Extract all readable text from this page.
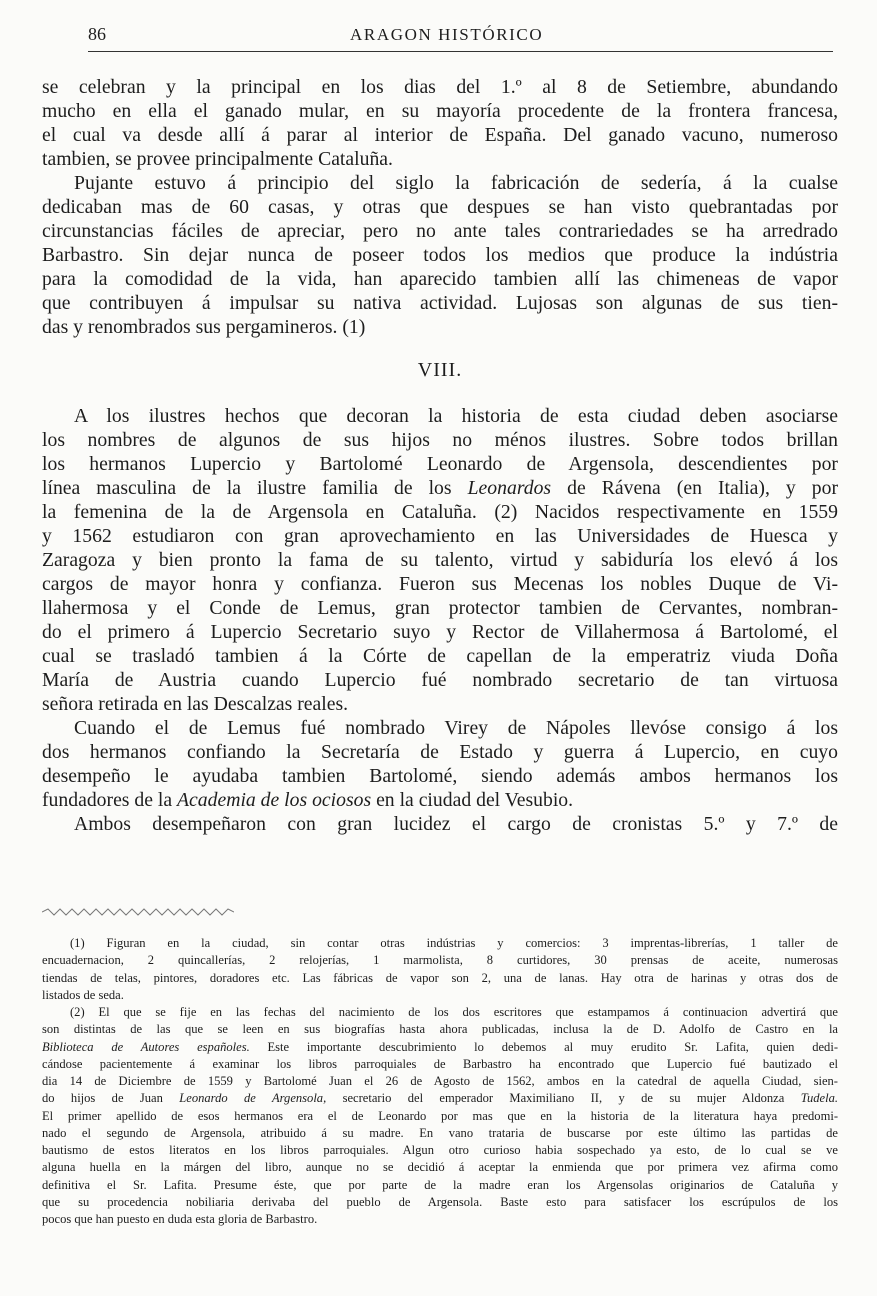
86	ARAGON HISTÓRICO

se celebran y la principal en los dias del 1.º al 8 de Setiembre, abundando

mucho en ella el ganado mular, en su mayoría procedente de la frontera francesa,

el cual va desde allí á parar al interior de España. Del ganado vacuno, numeroso

tambien, se provee principalmente Cataluña.

Pujante estuvo á principio del siglo la fabricación de sedería, á la cualse

dedicaban mas de 60 casas, y otras que despues se han visto quebrantadas por

circunstancias fáciles de apreciar, pero no ante tales contrariedades se ha arredrado

Barbastro. Sin dejar nunca de poseer todos los medios que produce la indústria

para la comodidad de la vida, han aparecido tambien allí las chimeneas de vapor

que contribuyen á impulsar su nativa actividad. Lujosas son algunas de sus tien-

das y renombrados sus pergamineros. (1)

VIII.

A los ilustres hechos que decoran la historia de esta ciudad deben asociarse

los nombres de algunos de sus hijos no ménos ilustres. Sobre todos brillan

los hermanos Lupercio y Bartolomé Leonardo de Argensola, descendientes por

línea masculina de la ilustre familia de los Leonardos de Rávena (en Italia), y por

la femenina de la de Argensola en Cataluña. (2) Nacidos respectivamente en 1559

y 1562 estudiaron con gran aprovechamiento en las Universidades de Huesca y

Zaragoza y bien pronto la fama de su talento, virtud y sabiduría los elevó á los

cargos de mayor honra y confianza. Fueron sus Mecenas los nobles Duque de Vi-

llahermosa y el Conde de Lemus, gran protector tambien de Cervantes, nombran-

do el primero á Lupercio Secretario suyo y Rector de Villahermosa á Bartolomé, el

cual se trasladó tambien á la Córte de capellan de la emperatriz viuda Doña

María de Austria cuando Lupercio fué nombrado secretario de tan virtuosa

señora retirada en las Descalzas reales.

Cuando el de Lemus fué nombrado Virey de Nápoles llevóse consigo á los

dos hermanos confiando la Secretaría de Estado y guerra á Lupercio, en cuyo

desempeño le ayudaba tambien Bartolomé, siendo además ambos hermanos los

fundadores de la Academia de los ociosos en la ciudad del Vesubio.

Ambos desempeñaron con gran lucidez el cargo de cronistas 5.º y 7.º de

(1) Figuran en la ciudad, sin contar otras indústrias y comercios: 3 imprentas-librerías, 1 taller de

encuadernacion, 2 quincallerías, 2 relojerías, 1 marmolista, 8 curtidores, 30 prensas de aceite, numerosas

tiendas de telas, pintores, doradores etc. Las fábricas de vapor son 2, una de lanas. Hay otra de harinas y otras dos de

listados de seda.

(2) El que se fije en las fechas del nacimiento de los dos escritores que estampamos á continuacion advertirá que

son distintas de las que se leen en sus biografías hasta ahora publicadas, inclusa la de D. Adolfo de Castro en la

Biblioteca de Autores españoles. Este importante descubrimiento lo debemos al muy erudito Sr. Lafita, quien dedi-

cándose pacientemente á examinar los libros parroquiales de Barbastro ha encontrado que Lupercio fué bautizado el

dia 14 de Diciembre de 1559 y Bartolomé Juan el 26 de Agosto de 1562, ambos en la catedral de aquella Ciudad, sien-

do hijos de Juan Leonardo de Argensola, secretario del emperador Maximiliano II, y de su mujer Aldonza Tudela.

El primer apellido de esos hermanos era el de Leonardo por mas que en la historia de la literatura haya predomi-

nado el segundo de Argensola, atribuido á su madre. En vano trataria de buscarse por este último las partidas de

bautismo de estos literatos en los libros parroquiales. Algun otro curioso habia sospechado ya esto, de lo cual se ve

alguna huella en la márgen del libro, aunque no se decidió á aceptar la enmienda que por primera vez afirma como

definitiva el Sr. Lafita. Presume éste, que por parte de la madre eran los Argensolas originarios de Cataluña y

que su procedencia nobiliaria derivaba del pueblo de Argensola. Baste esto para satisfacer los escrúpulos de los

pocos que han puesto en duda esta gloria de Barbastro.
